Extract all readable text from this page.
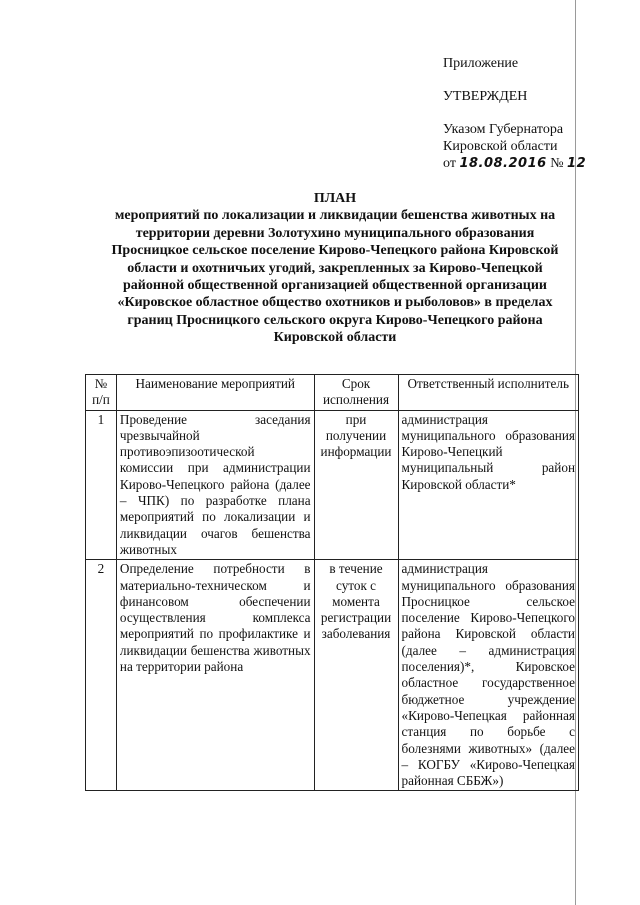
Приложение
УТВЕРЖДЕН
Указом Губернатора
Кировской области
от 18.08.2016 № 12
ПЛАН
мероприятий по локализации и ликвидации бешенства животных на
территории деревни Золотухино муниципального образования
Просницкое сельское поселение Кирово-Чепецкого района Кировской
области и охотничьих угодий, закрепленных за Кирово-Чепецкой
районной общественной организацией общественной организации
«Кировское областное общество охотников и рыболовов» в пределах
границ Просницкого сельского округа Кирово-Чепецкого района
Кировской области
№ п/п	Наименование мероприятий	Срок исполнения	Ответственный исполнитель
1	Проведение заседания чрезвычайной противоэпизоотической комиссии при администрации Кирово-Чепецкого района (далее – ЧПК) по разработке плана мероприятий по локализации и ликвидации очагов бешенства животных	при получении информации	администрация муниципального образования Кирово-Чепецкий муниципальный район Кировской области*
2	Определение потребности в материально-техническом и финансовом обеспечении осуществления комплекса мероприятий по профилактике и ликвидации бешенства животных на территории района	в течение суток с момента регистрации заболевания	администрация муниципального образования Просницкое сельское поселение Кирово-Чепецкого района Кировской области (далее – администрация поселения)*, Кировское областное государственное бюджетное учреждение «Кирово-Чепецкая районная станция по борьбе с болезнями животных» (далее – КОГБУ «Кирово-Чепецкая районная СББЖ»)
